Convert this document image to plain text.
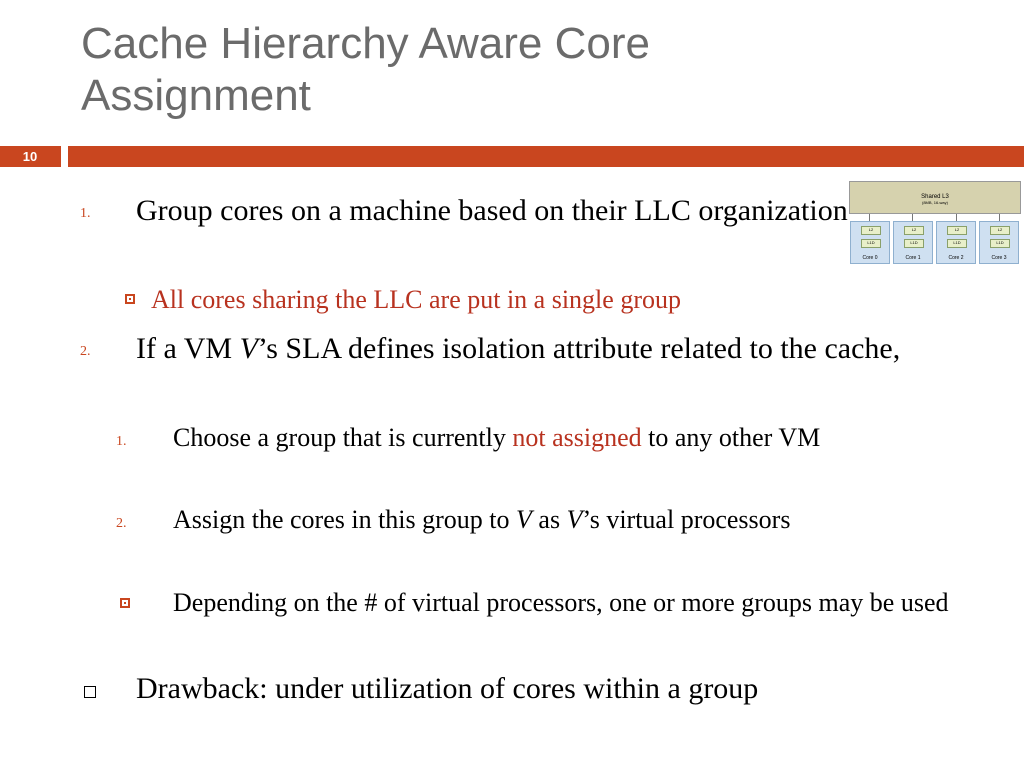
Cache Hierarchy Aware Core Assignment
10
Shared L3
(8MB, 16-way)
L2
L1D
Core 0
L2
L1D
Core 1
L2
L1D
Core 2
L2
L1D
Core 3
1. Group cores on a machine based on their LLC organization
All cores sharing the LLC are put in a single group
2. If a VM V’s SLA defines isolation attribute related to the cache,
1. Choose a group that is currently not assigned to any other VM
2. Assign the cores in this group to V as V’s virtual processors
Depending on the # of virtual processors, one or more groups may be used
Drawback: under utilization of cores within a group
